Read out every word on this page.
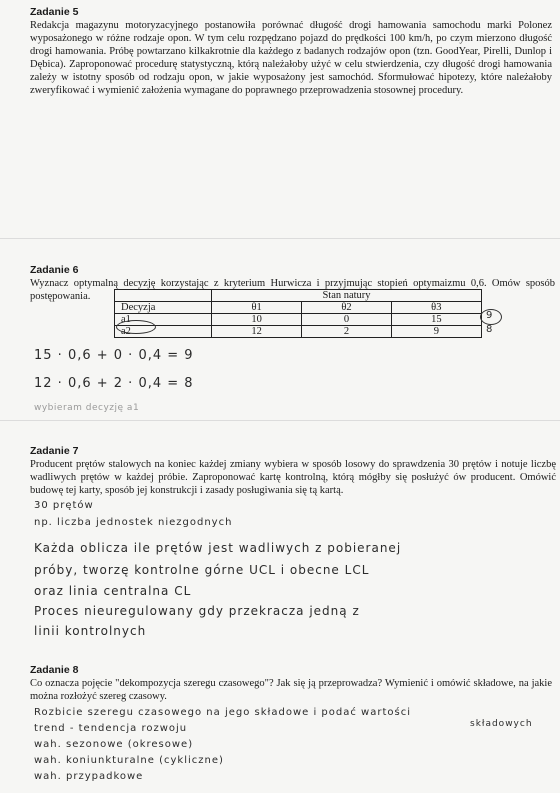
Zadanie 5
Redakcja magazynu motoryzacyjnego postanowiła porównać długość drogi hamowania samochodu marki Polonez wyposażonego w różne rodzaje opon. W tym celu rozpędzano pojazd do prędkości 100 km/h, po czym mierzono długość drogi hamowania. Próbę powtarzano kilkakrotnie dla każdego z badanych rodzajów opon (tzn. GoodYear, Pirelli, Dunlop i Dębica). Zaproponować procedurę statystyczną, którą należałoby użyć w celu stwierdzenia, czy długość drogi hamowania zależy w istotny sposób od rodzaju opon, w jakie wyposażony jest samochód. Sformułować hipotezy, które należałoby zweryfikować i wymienić założenia wymagane do poprawnego przeprowadzenia stosownej procedury.
Zadanie 6
Wyznacz optymalną decyzję korzystając z kryterium Hurwicza i przyjmując stopień optymaizmu 0,6. Omów sposób postępowania.
		Stan natury		
Decyzja	θ1	θ2	θ3
a1	10	0	15
a2	12	2	9
9
8
15 · 0,6 + 0 · 0,4 = 9
12 · 0,6 + 2 · 0,4 = 8
wybieram decyzję a1
Zadanie 7
Producent prętów stalowych na koniec każdej zmiany wybiera w sposób losowy do sprawdzenia 30 prętów i notuje liczbę wadliwych prętów w każdej próbie. Zaproponować kartę kontrolną, którą mógłby się posłużyć ów producent. Omówić budowę tej karty, sposób jej konstrukcji i zasady posługiwania się tą kartą.
30 prętów
np. liczba jednostek niezgodnych
Każda oblicza ile prętów jest wadliwych z pobieranej
próby, tworzę kontrolne górne UCL i obecne LCL
oraz linia centralna CL
Proces nieuregulowany gdy przekracza jedną z
linii kontrolnych
Zadanie 8
Co oznacza pojęcie "dekompozycja szeregu czasowego"? Jak się ją przeprowadza? Wymienić i omówić składowe, na jakie można rozłożyć szereg czasowy.
Rozbicie szeregu czasowego na jego składowe i podać wartości
składowych
trend - tendencja rozwoju
wah. sezonowe (okresowe)
wah. koniunkturalne (cykliczne)
wah. przypadkowe
